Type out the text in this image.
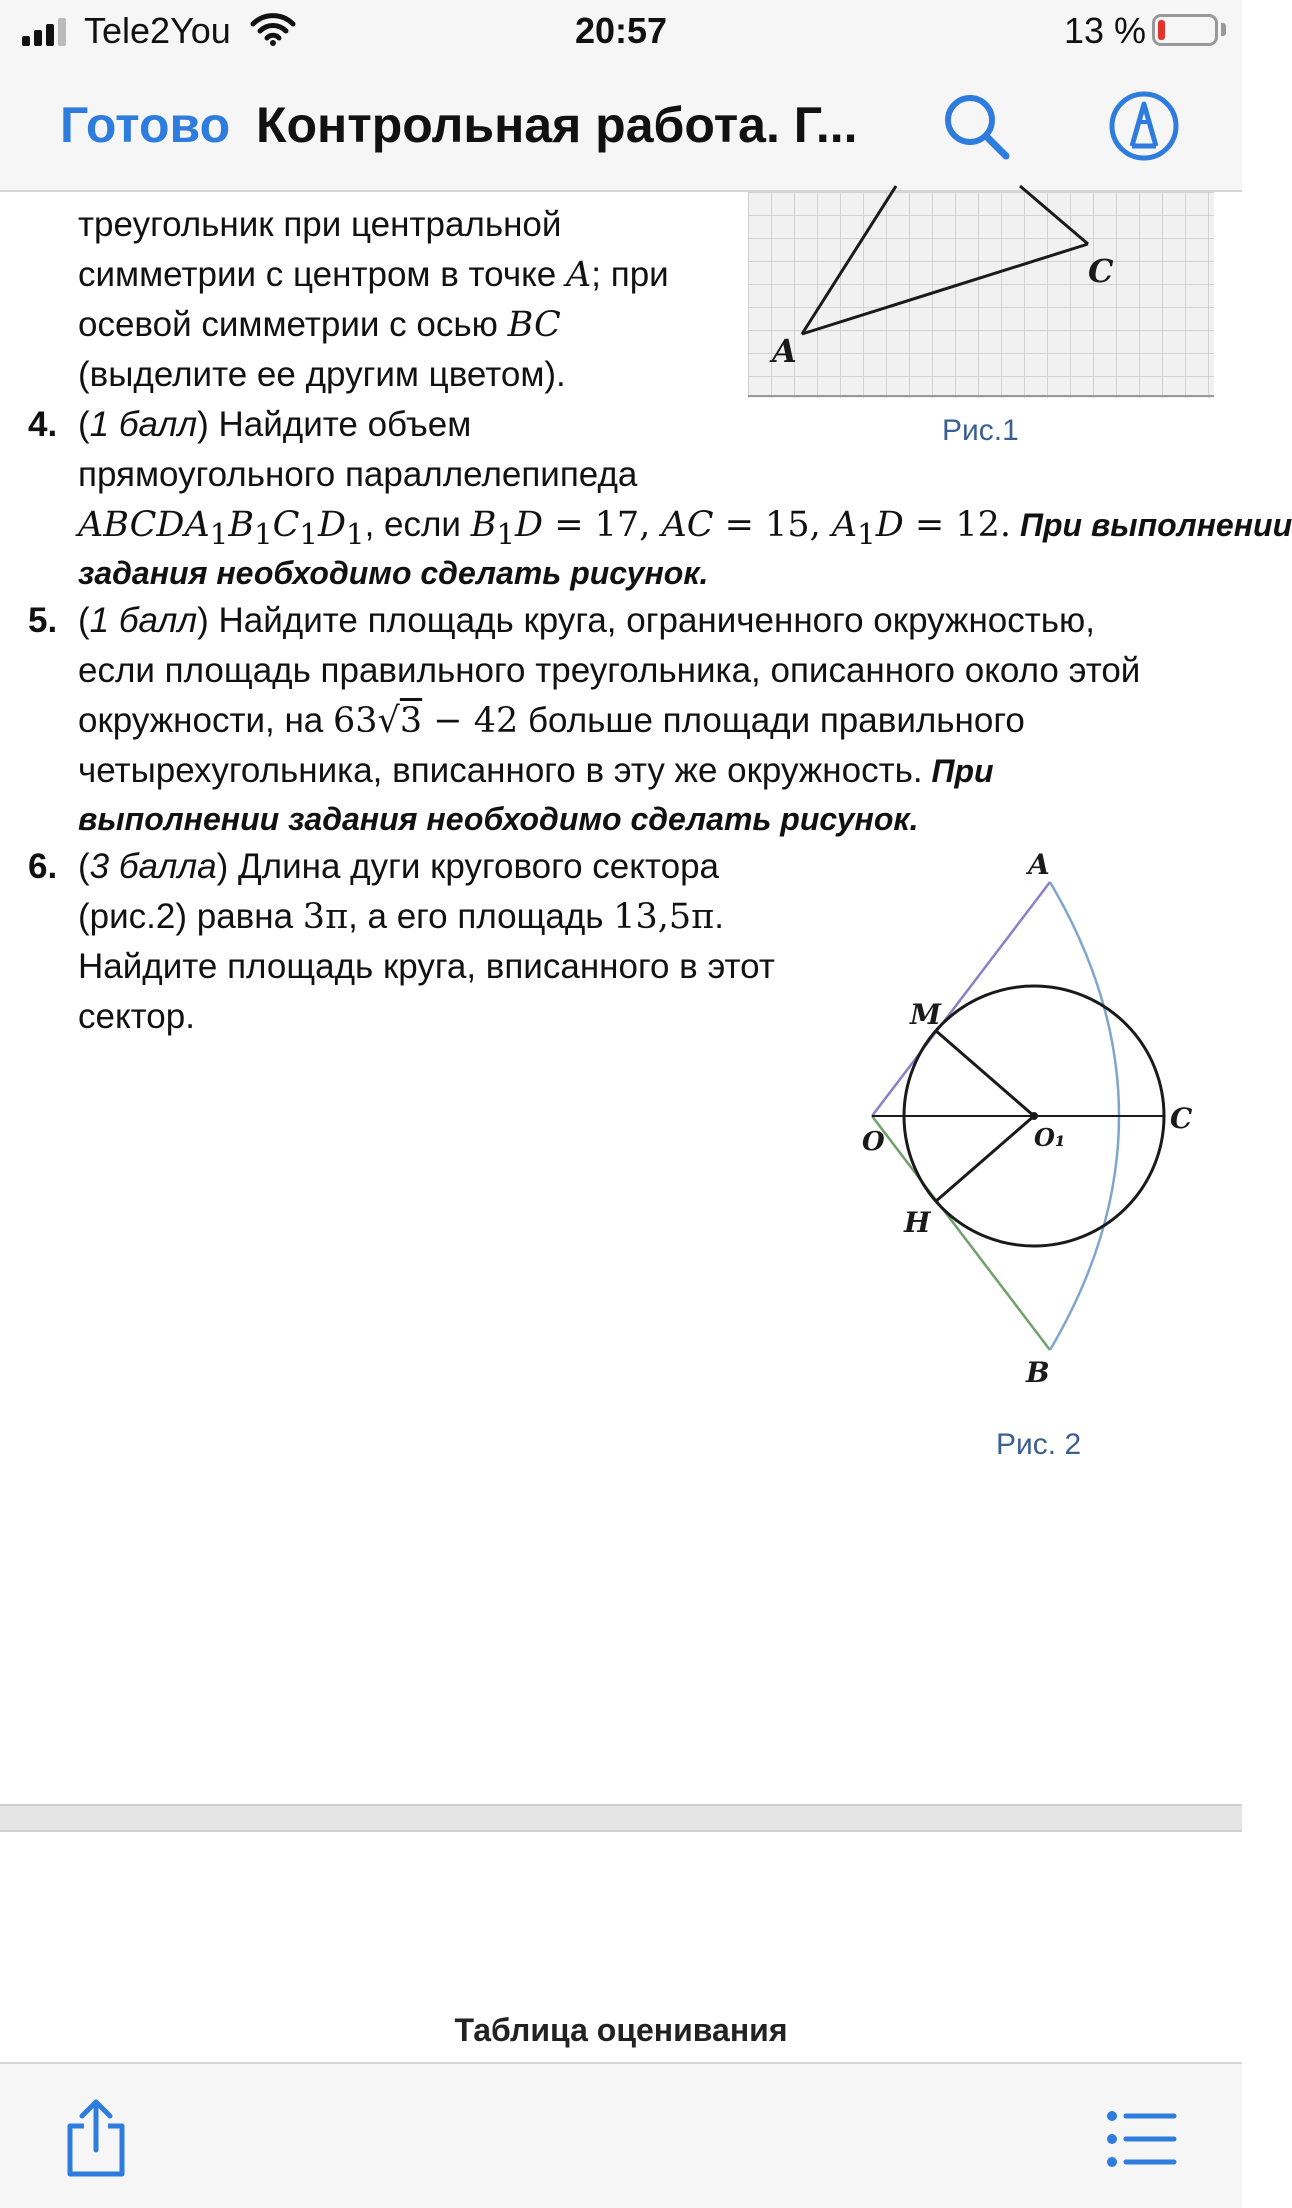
Tele2You	20:57	13 %
Готово Контрольная работа. Г...
A
C
Рис.1
треугольник при центральной
симметрии с центром в точке A; при
осевой симметрии с осью BC
(выделите ее другим цветом).
4. (1 балл) Найдите объем
прямоугольного параллелепипеда
$ABCDA_1B_1C_1D_1$, если $B_1D = 17$, AC = 15, $A_1D = 12$. При выполнении
задания необходимо сделать рисунок.
5. (1 балл) Найдите площадь круга, ограниченного окружностью,
если площадь правильного треугольника, описанного около этой
окружности, на 63√3 − 42 больше площади правильного
четырехугольника, вписанного в эту же окружность. При
выполнении задания необходимо сделать рисунок.
6. (3 балла) Длина дуги кругового сектора
(рис.2) равна 3π, а его площадь 13,5π.
Найдите площадь круга, вписанного в этот
сектор.
A
M
O	O₁
C
H
B
Рис. 2
Таблица оценивания
